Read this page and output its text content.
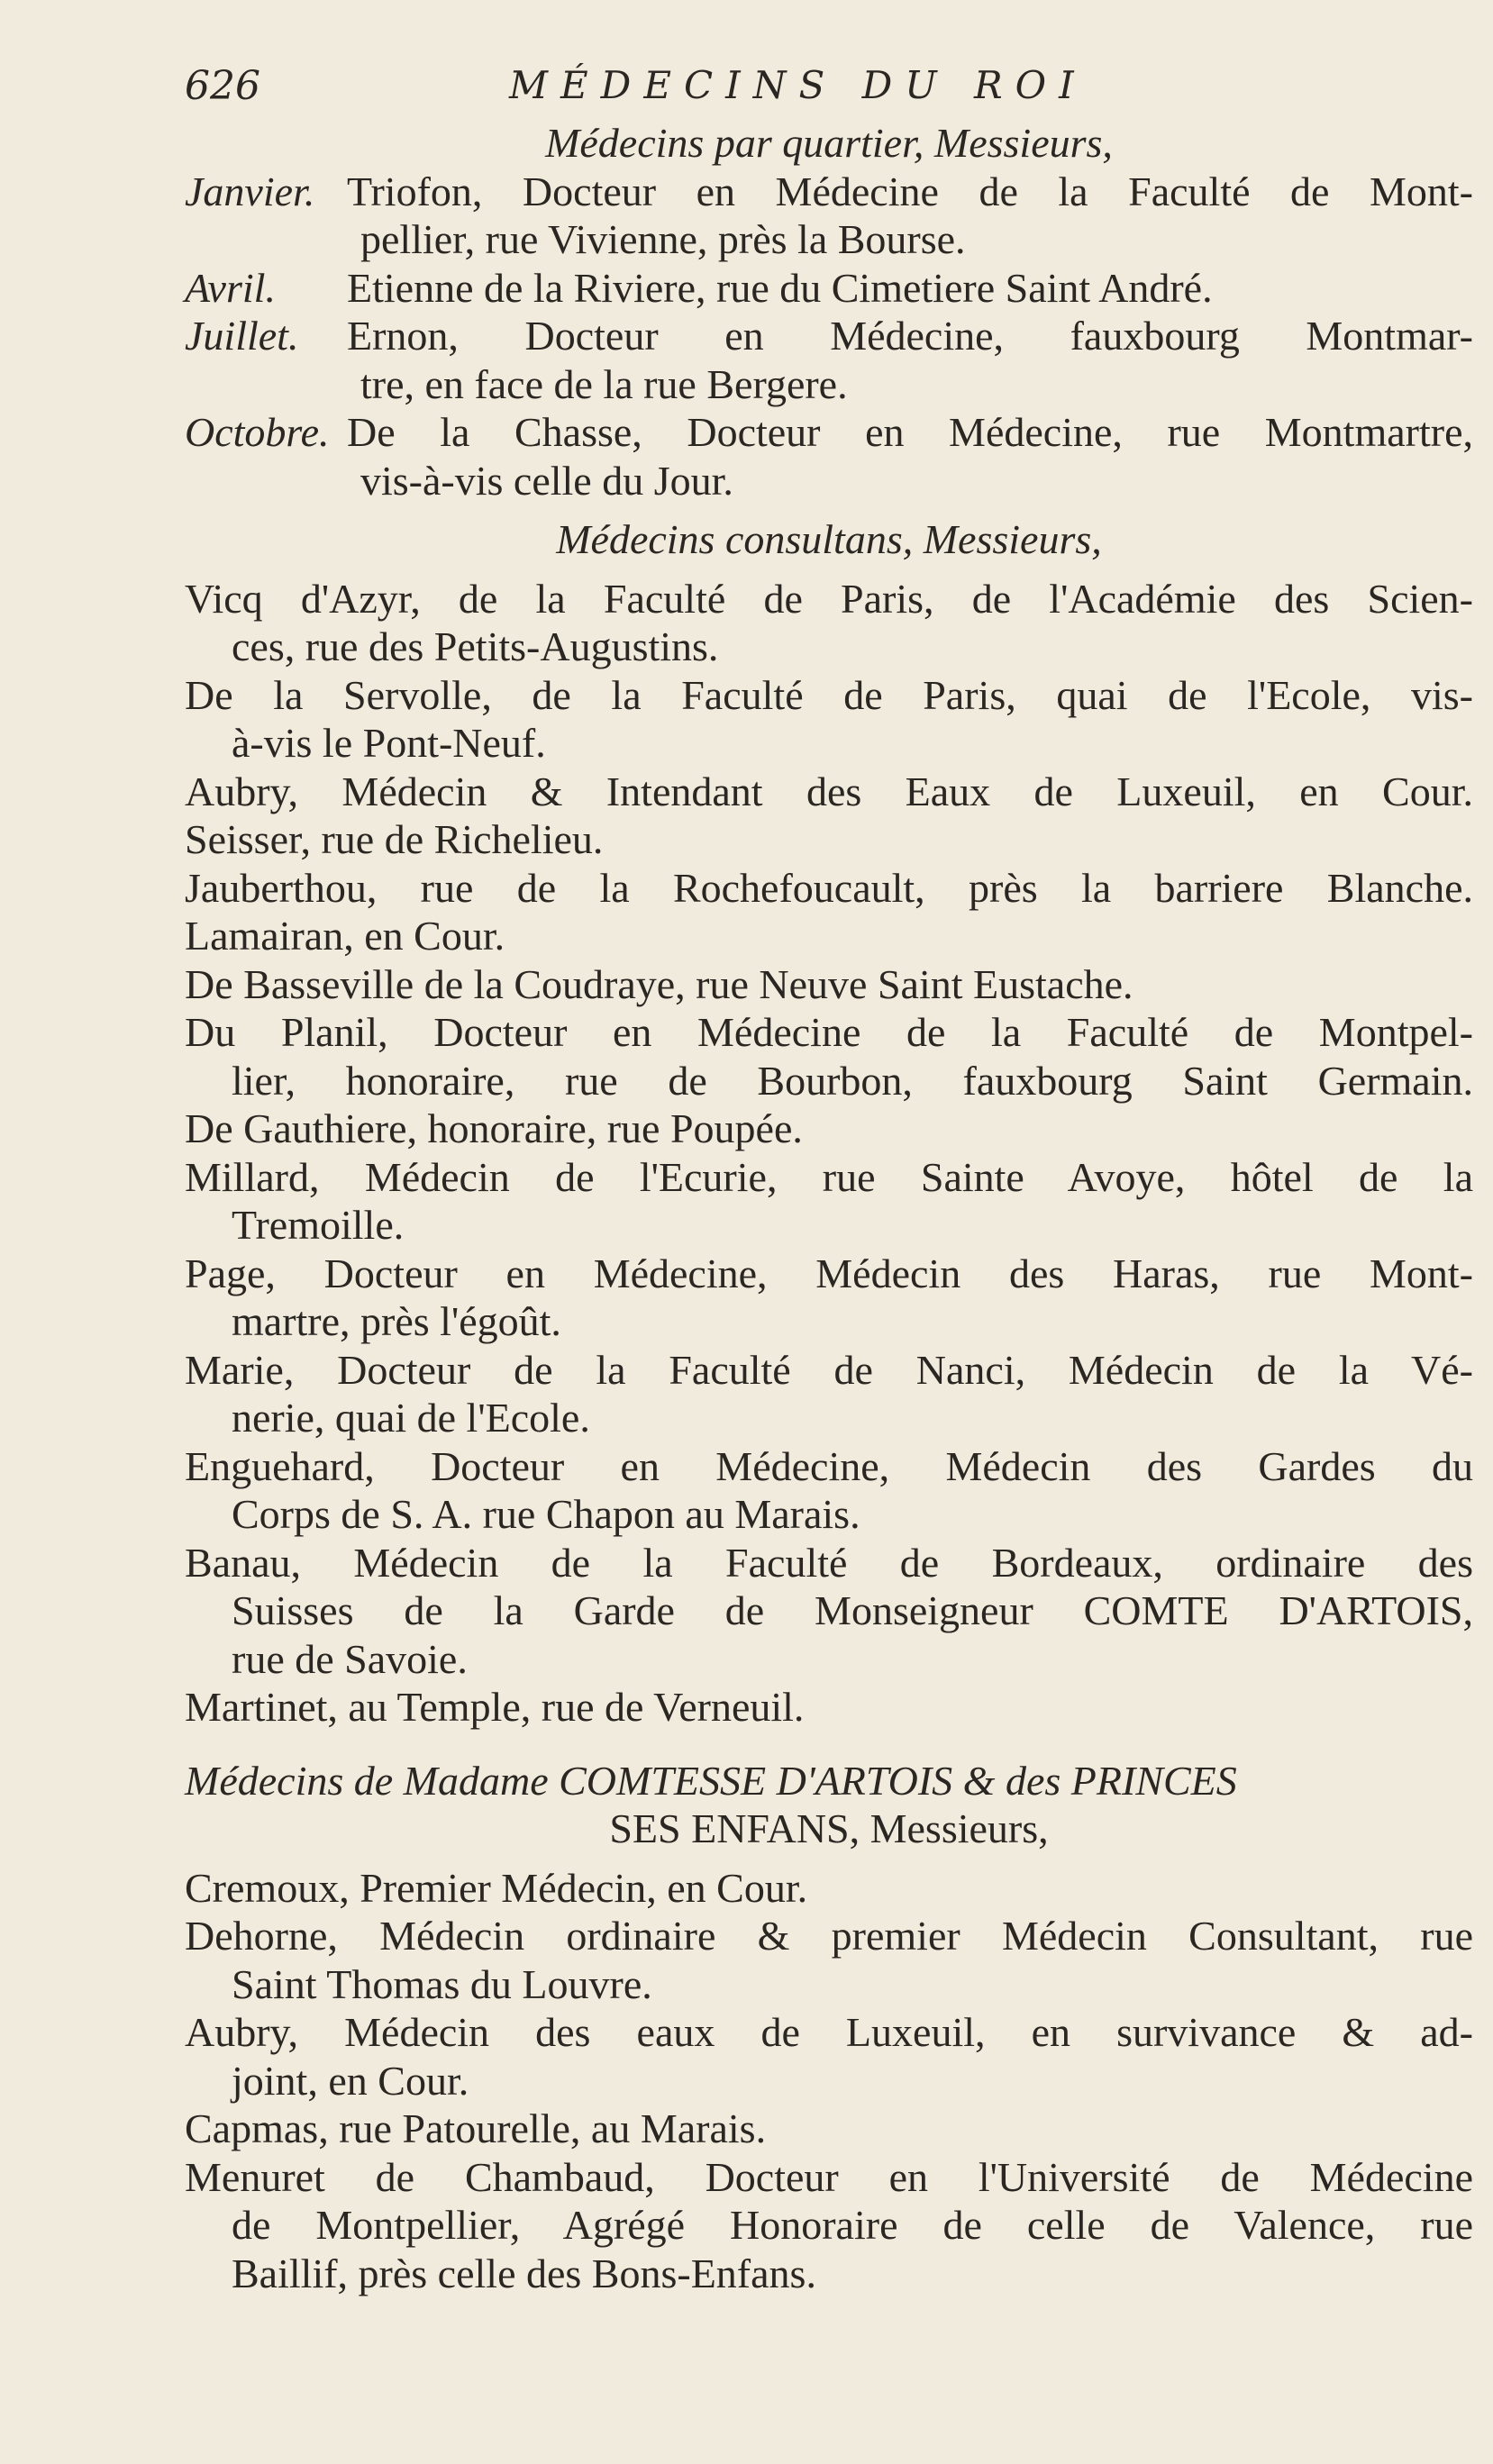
626	MÉDECINS DU ROI
Médecins par quartier, Messieurs,
Janvier. Triofon, Docteur en Médecine de la Faculté de Mont-
pellier, rue Vivienne, près la Bourse.
Avril. Etienne de la Riviere, rue du Cimetiere Saint André.
Juillet. Ernon, Docteur en Médecine, fauxbourg Montmar-
tre, en face de la rue Bergere.
Octobre. De la Chasse, Docteur en Médecine, rue Montmartre,
vis-à-vis celle du Jour.
Médecins consultans, Messieurs,
Vicq d'Azyr, de la Faculté de Paris, de l'Académie des Scien-
ces, rue des Petits-Augustins.
De la Servolle, de la Faculté de Paris, quai de l'Ecole, vis-
à-vis le Pont-Neuf.
Aubry, Médecin & Intendant des Eaux de Luxeuil, en Cour.
Seisser, rue de Richelieu.
Jauberthou, rue de la Rochefoucault, près la barriere Blanche.
Lamairan, en Cour.
De Basseville de la Coudraye, rue Neuve Saint Eustache.
Du Planil, Docteur en Médecine de la Faculté de Montpel-
lier, honoraire, rue de Bourbon, fauxbourg Saint Germain.
De Gauthiere, honoraire, rue Poupée.
Millard, Médecin de l'Ecurie, rue Sainte Avoye, hôtel de la
Tremoille.
Page, Docteur en Médecine, Médecin des Haras, rue Mont-
martre, près l'égoût.
Marie, Docteur de la Faculté de Nanci, Médecin de la Vé-
nerie, quai de l'Ecole.
Enguehard, Docteur en Médecine, Médecin des Gardes du
Corps de S. A. rue Chapon au Marais.
Banau, Médecin de la Faculté de Bordeaux, ordinaire des
Suisses de la Garde de Monseigneur COMTE D'ARTOIS,
rue de Savoie.
Martinet, au Temple, rue de Verneuil.
Médecins de Madame COMTESSE D'ARTOIS & des PRINCES
SES ENFANS, Messieurs,
Cremoux, Premier Médecin, en Cour.
Dehorne, Médecin ordinaire & premier Médecin Consultant, rue
Saint Thomas du Louvre.
Aubry, Médecin des eaux de Luxeuil, en survivance & ad-
joint, en Cour.
Capmas, rue Patourelle, au Marais.
Menuret de Chambaud, Docteur en l'Université de Médecine
de Montpellier, Agrégé Honoraire de celle de Valence, rue
Baillif, près celle des Bons-Enfans.
